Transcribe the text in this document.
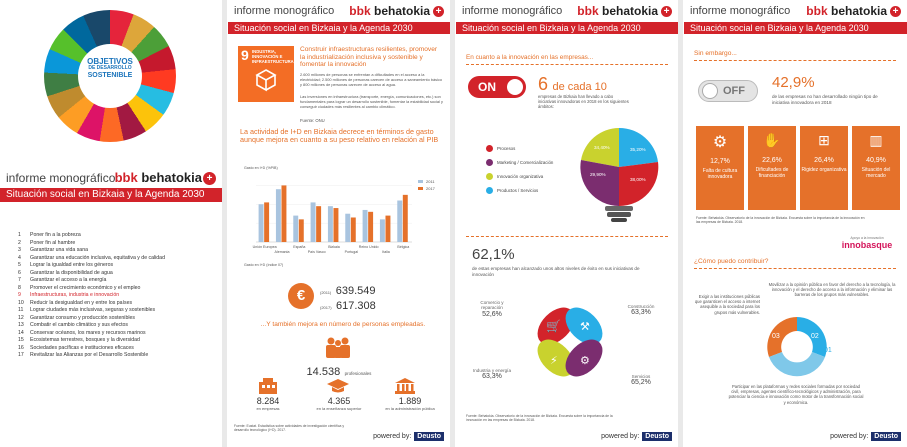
OBJETIVOS
DE DESARROLLO
SOSTENIBLE
informe monográfico bbk behatokia +
Situación social en Bizkaia y la Agenda 2030
1 Poner fin a la pobreza
2 Poner fin al hambre
3 Garantizar una vida sana
4 Garantizar una educación inclusiva, equitativa y de calidad
5 Lograr la igualdad entre los géneros
6 Garantizar la disponibilidad de agua
7 Garantizar el acceso a la energía
8 Promover el crecimiento económico y el empleo
9 Infraestructuras, industria e innovación
10 Reducir la desigualdad en y entre los países
11 Lograr ciudades más inclusivas, seguras y sostenibles
12 Garantizar consumo y producción sostenibles
13 Combatir el cambio climático y sus efectos
14 Conservar océanos, los mares y recursos marinos
15 Ecosistemas terrestres, bosques y la diversidad
16 Sociedades pacíficas e instituciones eficaces
17 Revitalizar las Alianzas por el Desarrollo Sostenible
informe monográfico bbk behatokia +
Situación social en Bizkaia y la Agenda 2030
9 INDUSTRIA,
INNOVACIÓN E
INFRAESTRUCTURA
Construir infraestructuras resilientes, promover la industrialización inclusiva y sostenible y fomentar la innovación
2.600 millones de personas se enfrentan a dificultades en el acceso a la electricidad; 2.500 millones de personas carecen de acceso a saneamiento básico y 800 millones de personas carecen de acceso al agua.
Las inversiones en infraestructura (transporte, energía, comunicaciones, etc.) son fundamentales para lograr un desarrollo sostenible, fomentar la estabilidad social y conseguir ciudades más resilientes al cambio climático.
Fuente: ONU
La actividad de I+D en Bizkaia decrece en términos de gasto aunque mejora en cuanto a su peso relativo en relación al PIB
Gasto en I+D (%PIB)
Unión Europea
Alemania
España
País Vasco
Bizkaia
Portugal
Reino Unido
Italia
Bélgica
2011
2017
Gasto en I+D (índice 07)
€	(2011) 639.549
(2017) 617.308
...Y también mejora en número de personas empleadas.
14.538 profesionales
8.284
en empresas
4.365
en la enseñanza superior
1.889
en la administración pública
Fuente: Eustat. Estadística sobre actividades de investigación científica y desarrollo tecnológico (I+D). 2017.
powered by: Deusto
informe monográfico bbk behatokia +
Situación social en Bizkaia y la Agenda 2030
En cuanto a la innovación en las empresas...
ON 6 de cada 10
empresas de Bizkaia han llevado a cabo iniciativas innovadoras en 2018 en los siguientes ámbitos:
Procesos
Marketing / Comercialización
Innovación organizativa
Productos / Servicios
34,40%
29,90%
38,00%
35,20%
62,1%
de estas empresas han alcanzado unos altos niveles de éxito en sus iniciativas de innovación
🛒 ⚒
⚡ ⚙
Comercio y reparación
52,6%
Construcción
63,3%
Industria y energía
63,3%	Servicios
65,2%
Fuente: Behatokia. Observatorio de la innovación de Bizkaia. Encuesta sobre la importancia de la innovación en las empresas de Bizkaia. 2018.
powered by: Deusto
informe monográfico bbk behatokia +
Situación social en Bizkaia y la Agenda 2030
Sin embargo...
OFF 42,9%
de las empresas no han desarrollado ningún tipo de iniciativa innovadora en 2018
⚙
12,7%
Falta de cultura innovadora
✋
22,6%
Dificultades de financiación
⊞
26,4%
Rigidez organizativa
▥
40,9%
Situación del mercado
Fuente: Behatokia. Observatorio de la innovación de Bizkaia. Encuesta sobre la importancia de la innovación en las empresas de Bizkaia. 2018.
Apoyo a la innovación
innobasque
¿Cómo puedo contribuir?
Exigir a las instituciones públicas que garanticen el acceso a internet asequible a la sociedad para los grupos más vulnerables.
Movilizar a la opinión pública en favor del derecho a la tecnología, la innovación y el derecho de acceso a la información y eliminar las barreras de los grupos más vulnerables.
03	02
01
Participar en las plataformas y redes sociales formadas por sociedad civil, empresas, agentes científico-tecnológicos y administración, para potenciar la ciencia e innovación como motor de la transformación social y económica.
powered by: Deusto
